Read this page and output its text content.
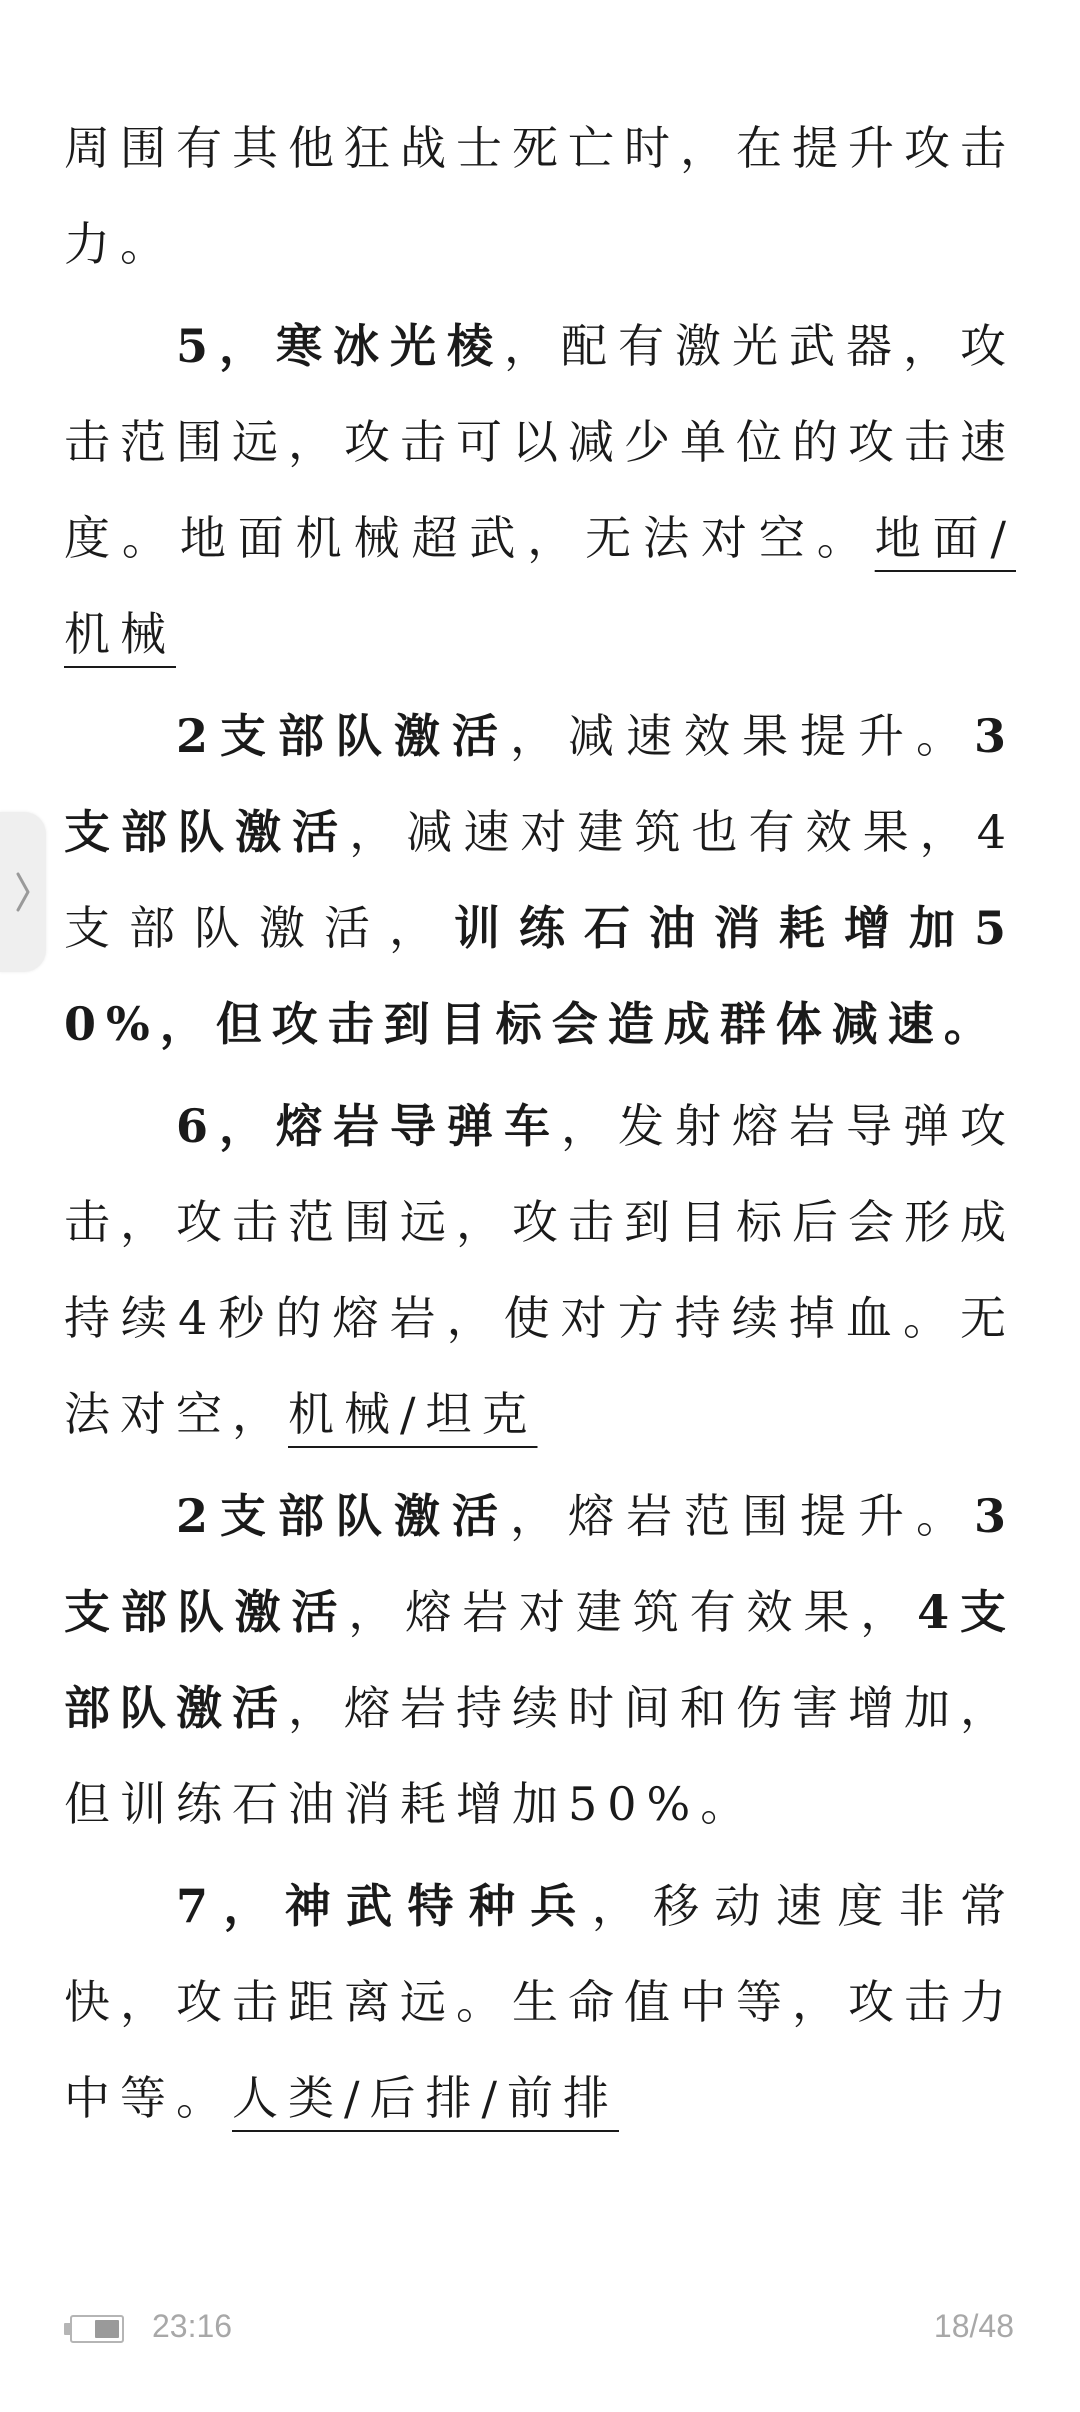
周围有其他狂战士死亡时，在提升攻击力。

5，寒冰光棱，配有激光武器，攻击范围远，攻击可以减少单位的攻击速度。地面机械超武，无法对空。地面/机械

2支部队激活，减速效果提升。3支部队激活，减速对建筑也有效果，4支部队激活，训练石油消耗增加50%，但攻击到目标会造成群体减速。

6，熔岩导弹车，发射熔岩导弹攻击，攻击范围远，攻击到目标后会形成持续4秒的熔岩，使对方持续掉血。无法对空，机械/坦克

2支部队激活，熔岩范围提升。3支部队激活，熔岩对建筑有效果，4支部队激活，熔岩持续时间和伤害增加，但训练石油消耗增加50%。

7，神武特种兵，移动速度非常快，攻击距离远。生命值中等，攻击力中等。人类/后排/前排

23:16	18/48
